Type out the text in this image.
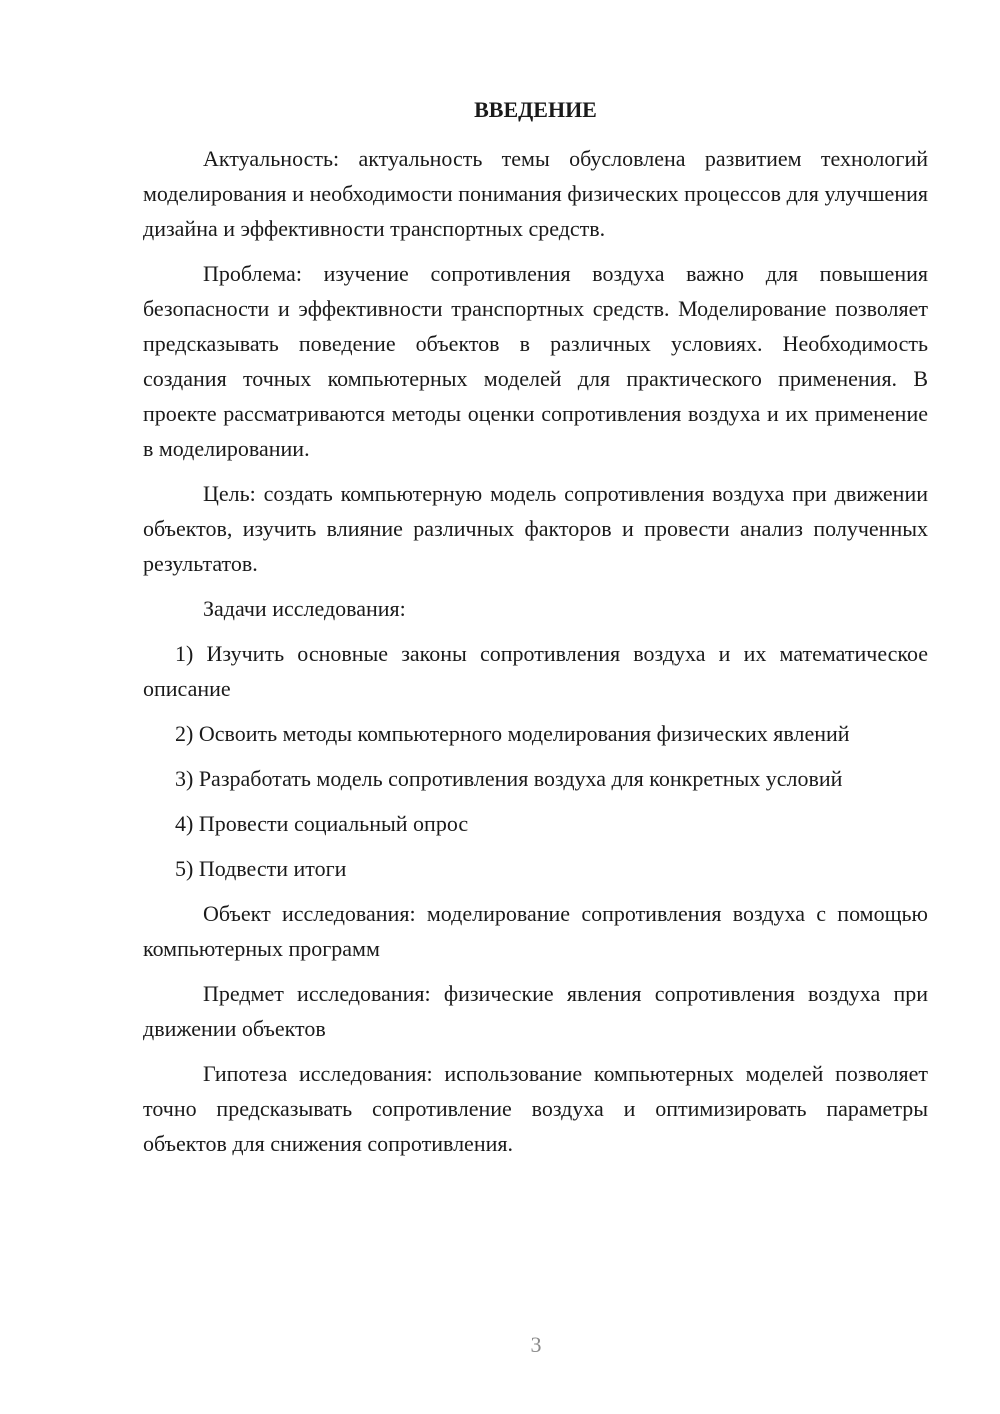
ВВЕДЕНИЕ

Актуальность: актуальность темы обусловлена развитием технологий моделирования и необходимости понимания физических процессов для улучшения дизайна и эффективности транспортных средств.

Проблема: изучение сопротивления воздуха важно для повышения безопасности и эффективности транспортных средств. Моделирование позволяет предсказывать поведение объектов в различных условиях. Необходимость создания точных компьютерных моделей для практического применения. В проекте рассматриваются методы оценки сопротивления воздуха и их применение в моделировании.

Цель: создать компьютерную модель сопротивления воздуха при движении объектов, изучить влияние различных факторов и провести анализ полученных результатов.

Задачи исследования:

1) Изучить основные законы сопротивления воздуха и их математическое описание

2) Освоить методы компьютерного моделирования физических явлений

3) Разработать модель сопротивления воздуха для конкретных условий

4) Провести социальный опрос

5) Подвести итоги

Объект исследования: моделирование сопротивления воздуха с помощью компьютерных программ

Предмет исследования: физические явления сопротивления воздуха при движении объектов

Гипотеза исследования: использование компьютерных моделей позволяет точно предсказывать сопротивление воздуха и оптимизировать параметры объектов для снижения сопротивления.

3
